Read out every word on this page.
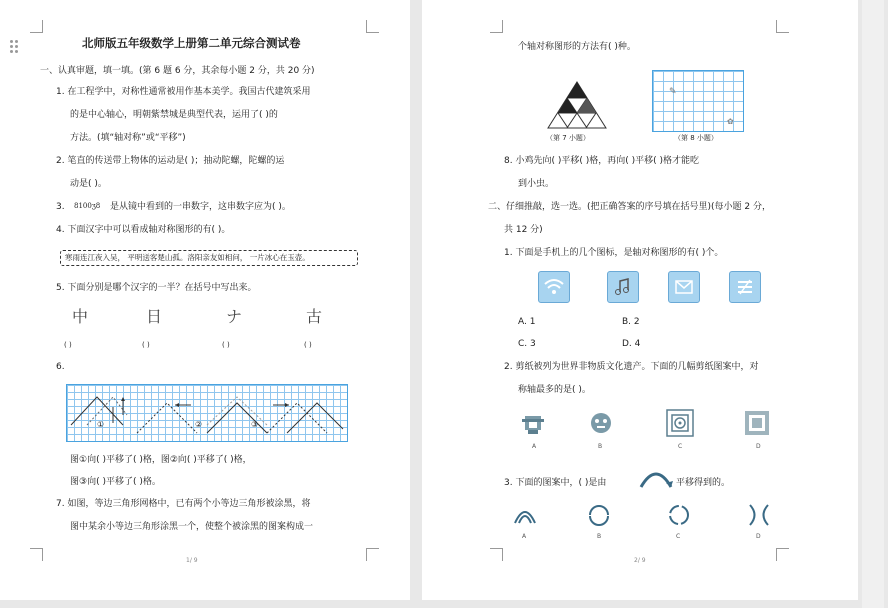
北师版五年级数学上册第二单元综合测试卷
一、认真审题，填一填。(第 6 题 6 分，其余每小题 2 分，共 20 分)
1. 在工程学中，对称性通常被用作基本美学。我国古代建筑采用
的是中心轴心，明朝紫禁城是典型代表，运用了( )的
方法。(填“轴对称”或“平移”)
2. 笔直的传送带上物体的运动是( )；抽动陀螺，陀螺的运
动是( )。
3. 8100ʒ8 是从镜中看到的一串数字，这串数字应为( )。
4. 下面汉字中可以看成轴对称图形的有( )。
寒雨连江夜入吴， 平明送客楚山孤。洛阳亲友如相问， 一片冰心在玉壶。
5. 下面分别是哪个汉字的一半？在括号中写出来。
中	日	ナ	古
( )	( )	( )	( )
6.
①	②	③
图①向( )平移了( )格，图②向( )平移了( )格，
图③向( )平移了( )格。
7. 如图，等边三角形网格中，已有两个小等边三角形被涂黑，将
图中某余小等边三角形涂黑一个，使整个被涂黑的图案构成一
1/ 9
个轴对称图形的方法有( )种。
（第 7 小题）
✎
✿
（第 8 小题）
8. 小鸡先向( )平移( )格，再向( )平移( )格才能吃
到小虫。
二、仔细推敲，选一选。(把正确答案的序号填在括号里)(每小题 2 分，
共 12 分)
1. 下面是手机上的几个图标，是轴对称图形的有( )个。
A. 1	B. 2
C. 3	D. 4
2. 剪纸被列为世界非物质文化遗产。下面的几幅剪纸图案中，对
称轴最多的是( )。
A	B	C	D
3. 下面的图案中，( )是由	平移得到的。
A	B	C	D
2/ 9
